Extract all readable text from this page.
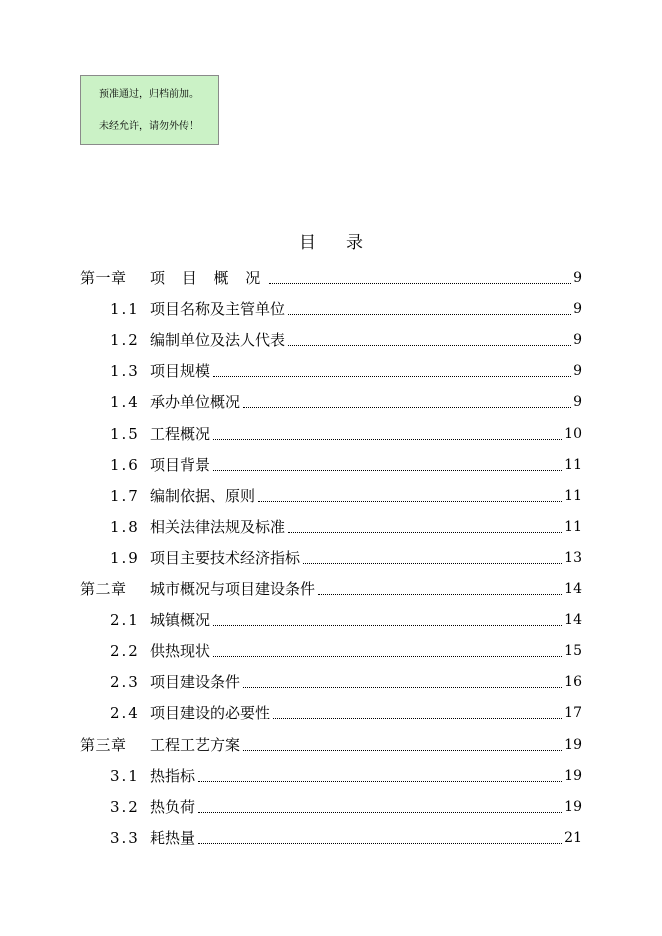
预准通过，归档前加。
未经允许，请勿外传！
目录
第一章	项 目 概 况	9
1.1 项目名称及主管单位	9
1.2 编制单位及法人代表	9
1.3 项目规模	9
1.4 承办单位概况	9
1.5 工程概况	10
1.6 项目背景	11
1.7 编制依据、原则	11
1.8 相关法律法规及标准	11
1.9 项目主要技术经济指标	13
第二章	城市概况与项目建设条件	14
2.1 城镇概况	14
2.2 供热现状	15
2.3 项目建设条件	16
2.4 项目建设的必要性	17
第三章	工程工艺方案	19
3.1 热指标	19
3.2 热负荷	19
3.3 耗热量	21
